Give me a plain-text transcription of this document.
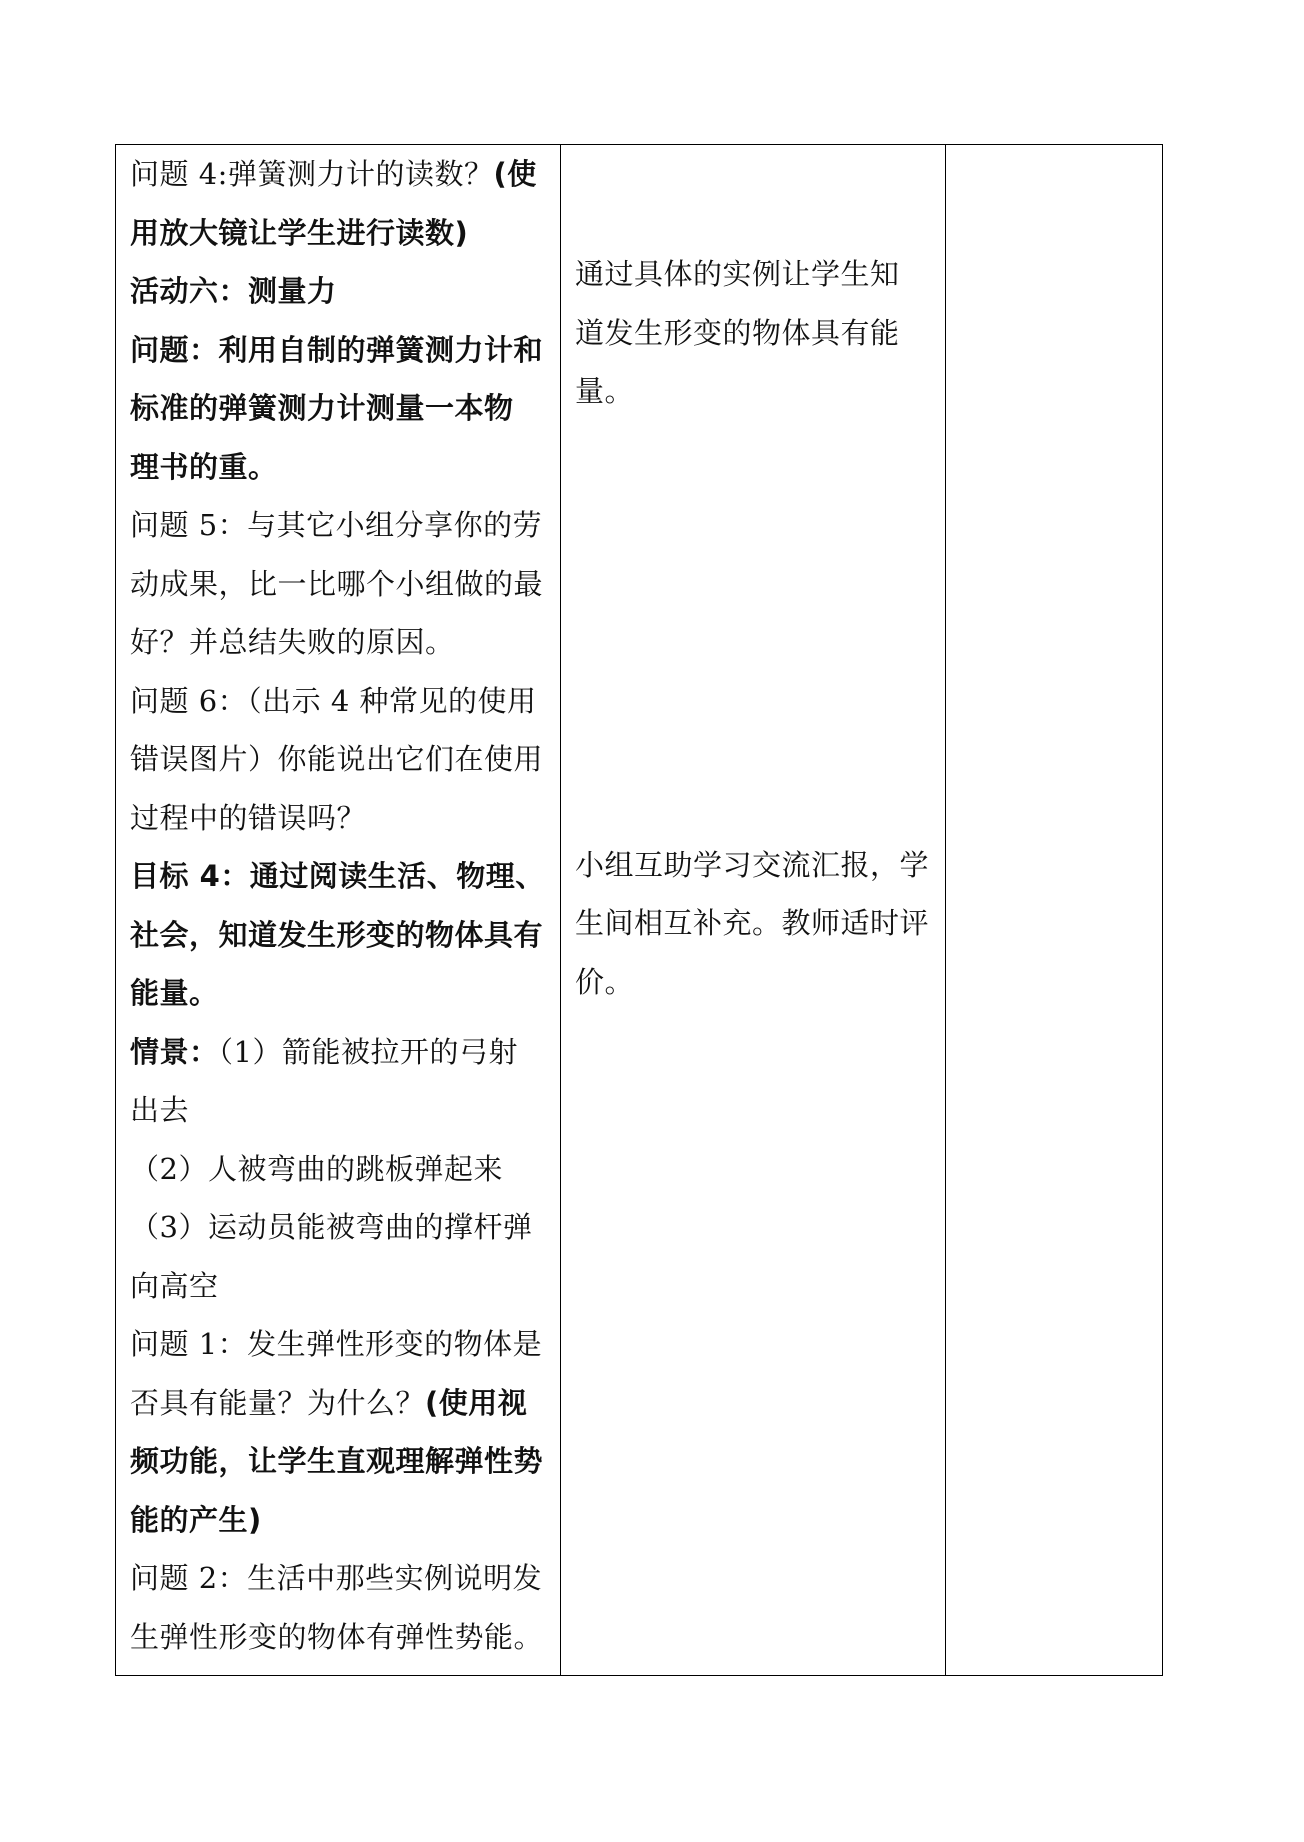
问题 4:弹簧测力计的读数？(使
用放大镜让学生进行读数)
活动六：测量力
问题：利用自制的弹簧测力计和
标准的弹簧测力计测量一本物
理书的重。
问题 5：与其它小组分享你的劳
动成果，比一比哪个小组做的最
好？并总结失败的原因。
问题 6：（出示 4 种常见的使用
错误图片）你能说出它们在使用
过程中的错误吗？
目标 4：通过阅读生活、物理、
社会，知道发生形变的物体具有
能量。
情景：（1）箭能被拉开的弓射
出去
（2）人被弯曲的跳板弹起来
（3）运动员能被弯曲的撑杆弹
向高空
问题 1：发生弹性形变的物体是
否具有能量？为什么？(使用视
频功能，让学生直观理解弹性势
能的产生)
问题 2：生活中那些实例说明发
生弹性形变的物体有弹性势能。

通过具体的实例让学生知
道发生形变的物体具有能
量。
小组互助学习交流汇报，学
生间相互补充。教师适时评
价。
